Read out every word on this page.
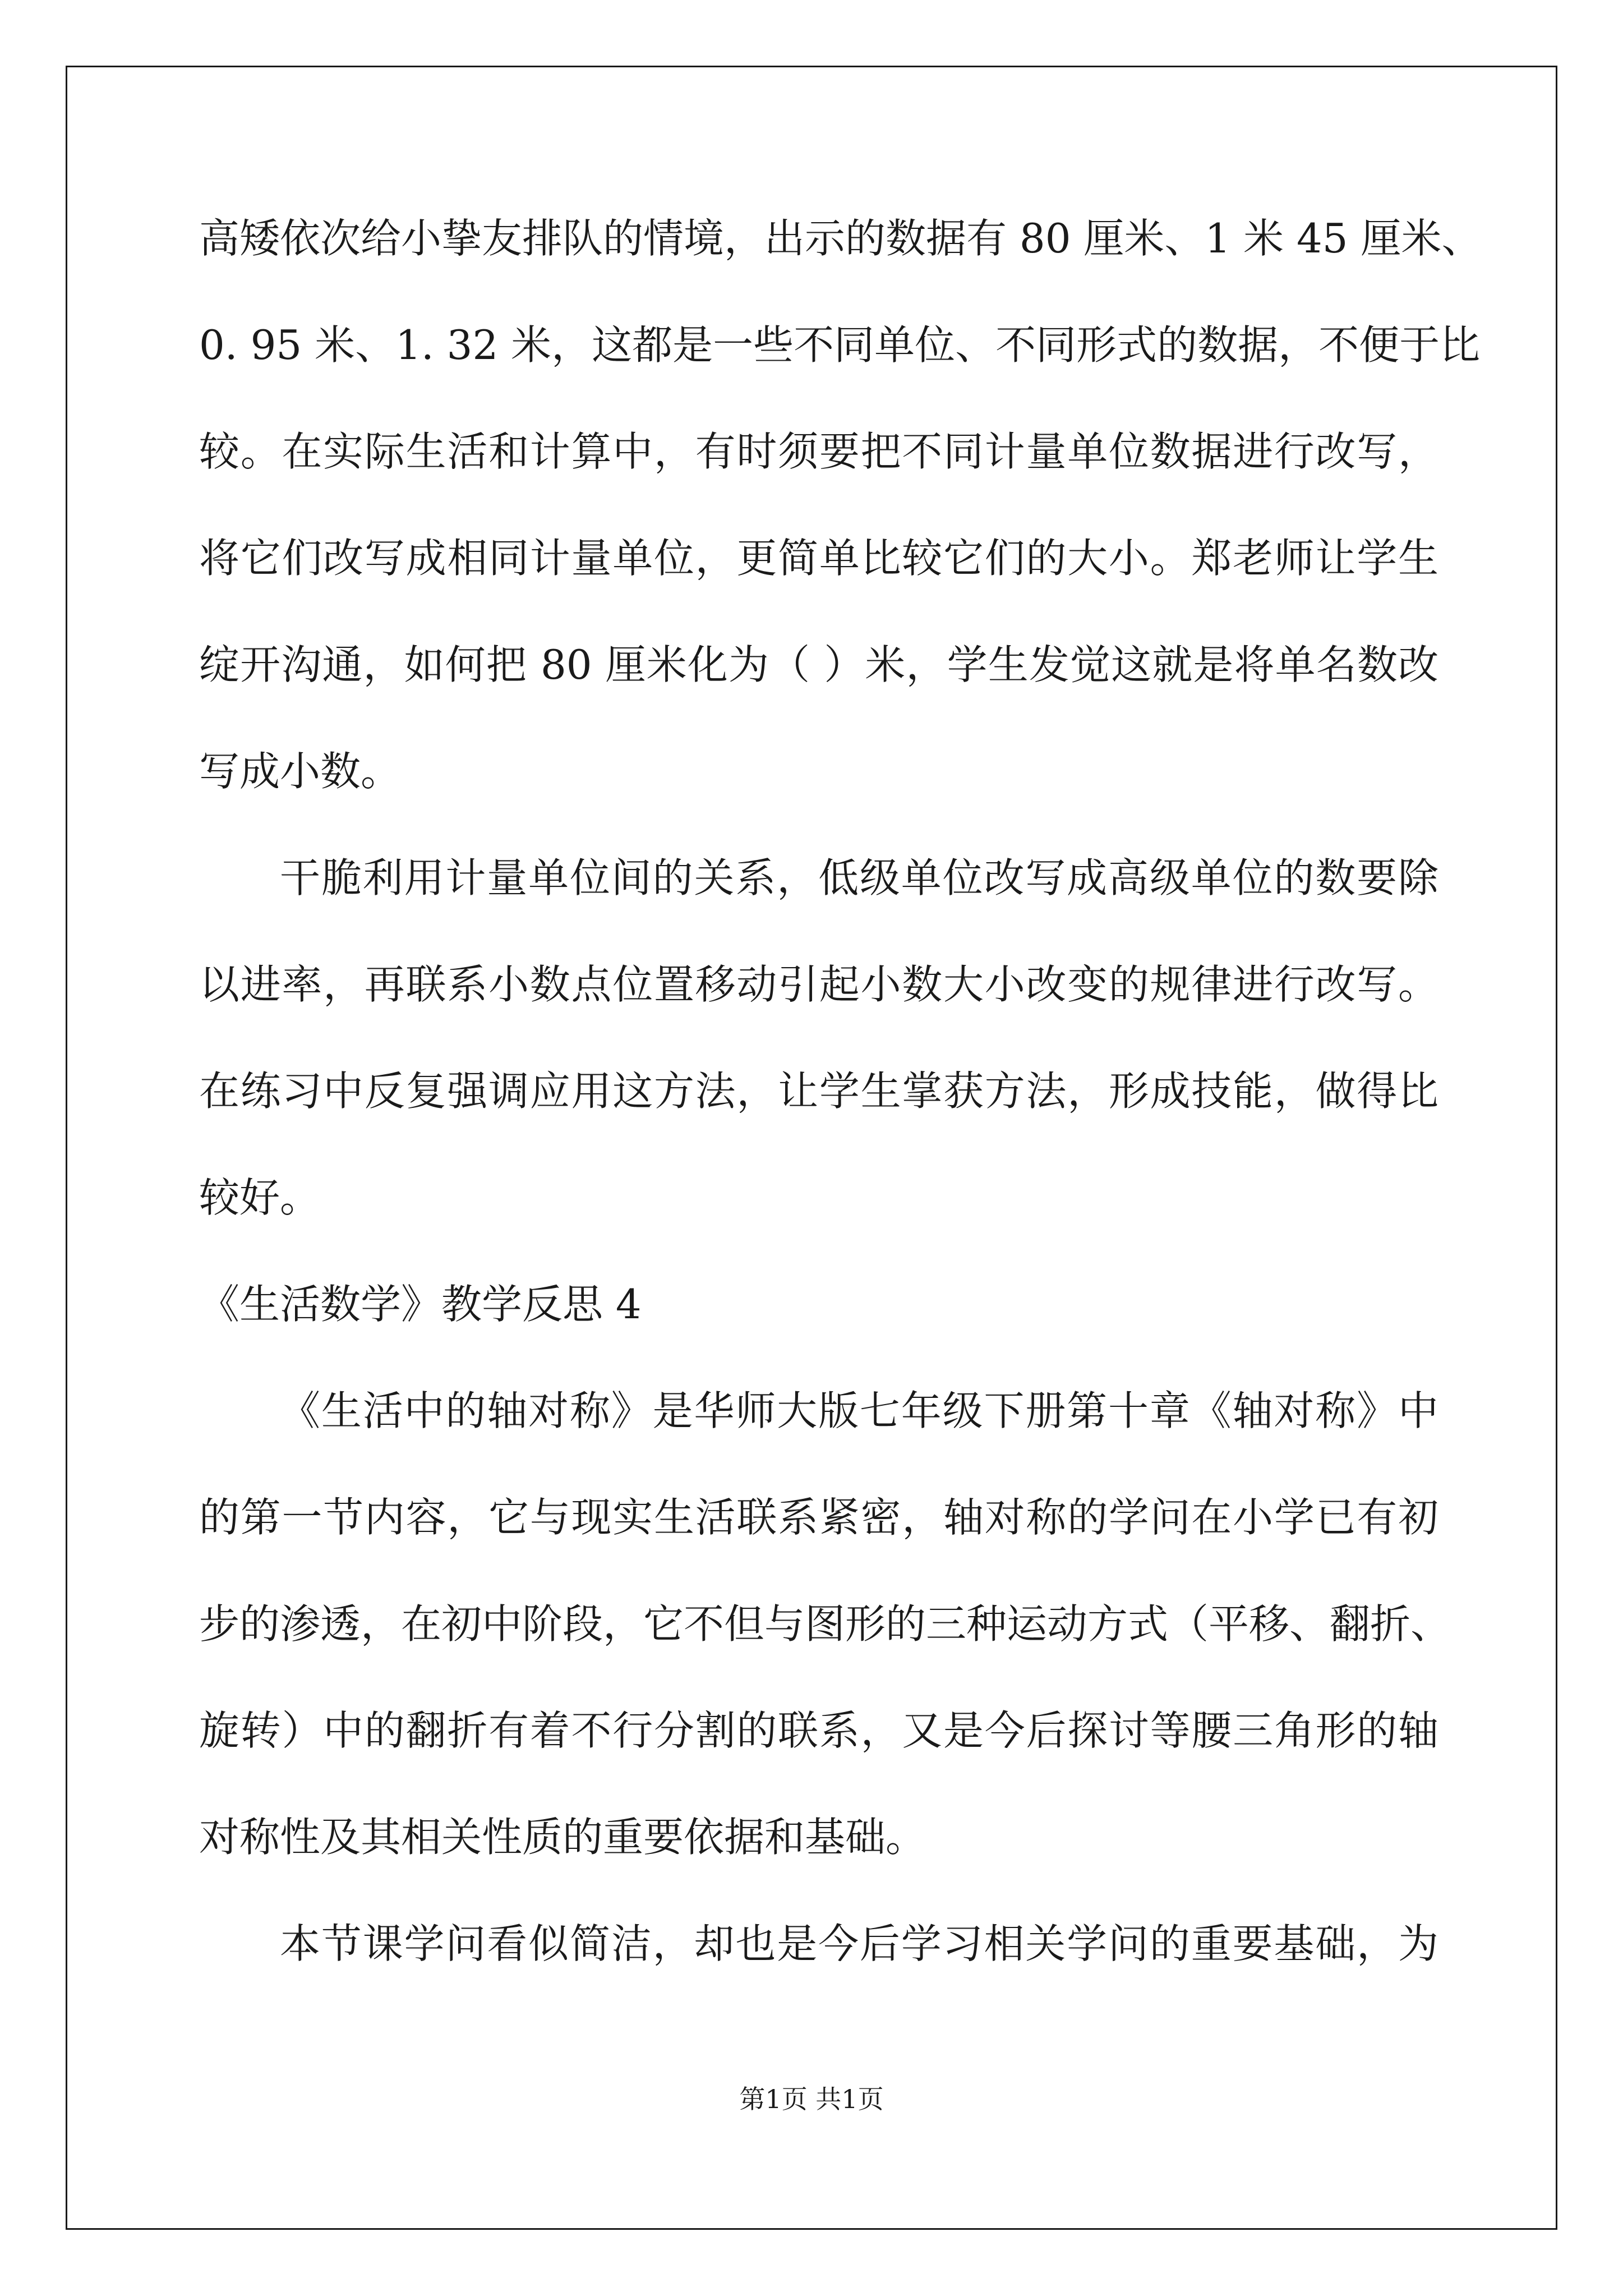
高矮依次给小挚友排队的情境，出示的数据有 80 厘米、1 米 45 厘米、
0. 95 米、1. 32 米，这都是一些不同单位、不同形式的数据，不便于比
较。在实际生活和计算中，有时须要把不同计量单位数据进行改写，
将它们改写成相同计量单位，更简单比较它们的大小。郑老师让学生
绽开沟通，如何把 80 厘米化为（ ）米，学生发觉这就是将单名数改
写成小数。
干脆利用计量单位间的关系，低级单位改写成高级单位的数要除
以进率，再联系小数点位置移动引起小数大小改变的规律进行改写。
在练习中反复强调应用这方法，让学生掌获方法，形成技能，做得比
较好。
《生活数学》教学反思 4
《生活中的轴对称》是华师大版七年级下册第十章《轴对称》中
的第一节内容，它与现实生活联系紧密，轴对称的学问在小学已有初
步的渗透，在初中阶段，它不但与图形的三种运动方式（平移、翻折、
旋转）中的翻折有着不行分割的联系，又是今后探讨等腰三角形的轴
对称性及其相关性质的重要依据和基础。
本节课学问看似简洁，却也是今后学习相关学问的重要基础，为
第1页 共1页
